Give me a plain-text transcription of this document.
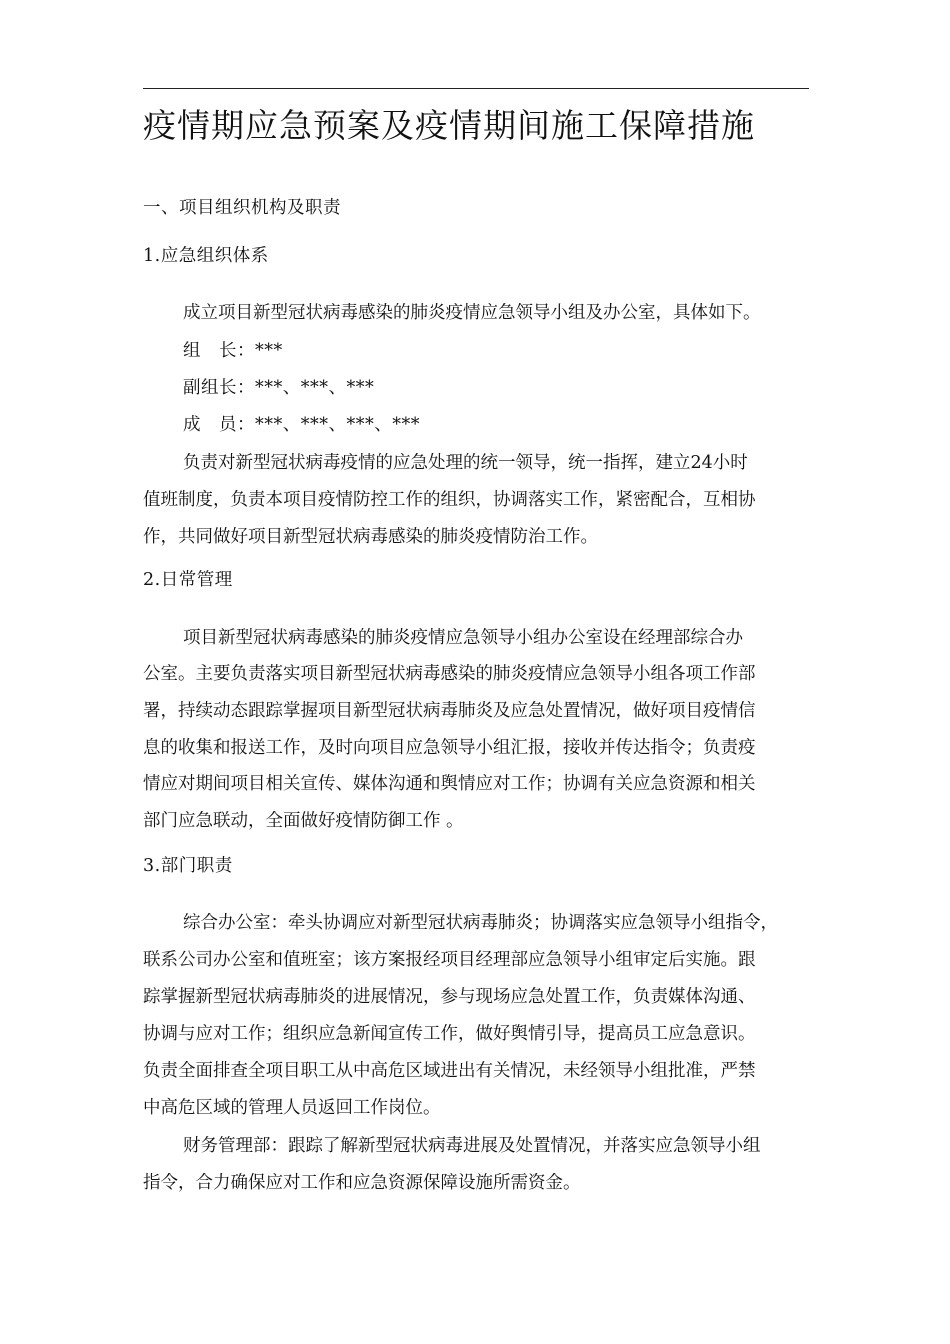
疫情期应急预案及疫情期间施工保障措施
一、项目组织机构及职责
1.应急组织体系
成立项目新型冠状病毒感染的肺炎疫情应急领导小组及办公室，具体如下。
组　长：***
副组长：***、***、***
成　员：***、***、***、***
负责对新型冠状病毒疫情的应急处理的统一领导，统一指挥，建立24小时
值班制度，负责本项目疫情防控工作的组织，协调落实工作，紧密配合，互相协
作，共同做好项目新型冠状病毒感染的肺炎疫情防治工作。
2.日常管理
项目新型冠状病毒感染的肺炎疫情应急领导小组办公室设在经理部综合办
公室。主要负责落实项目新型冠状病毒感染的肺炎疫情应急领导小组各项工作部
署，持续动态跟踪掌握项目新型冠状病毒肺炎及应急处置情况，做好项目疫情信
息的收集和报送工作，及时向项目应急领导小组汇报，接收并传达指令；负责疫
情应对期间项目相关宣传、媒体沟通和舆情应对工作；协调有关应急资源和相关
部门应急联动，全面做好疫情防御工作 。
3.部门职责
综合办公室：牵头协调应对新型冠状病毒肺炎；协调落实应急领导小组指令，
联系公司办公室和值班室；该方案报经项目经理部应急领导小组审定后实施。跟
踪掌握新型冠状病毒肺炎的进展情况，参与现场应急处置工作，负责媒体沟通、
协调与应对工作；组织应急新闻宣传工作，做好舆情引导，提高员工应急意识。
负责全面排查全项目职工从中高危区域进出有关情况，未经领导小组批准，严禁
中高危区域的管理人员返回工作岗位。
财务管理部：跟踪了解新型冠状病毒进展及处置情况，并落实应急领导小组
指令，合力确保应对工作和应急资源保障设施所需资金。
